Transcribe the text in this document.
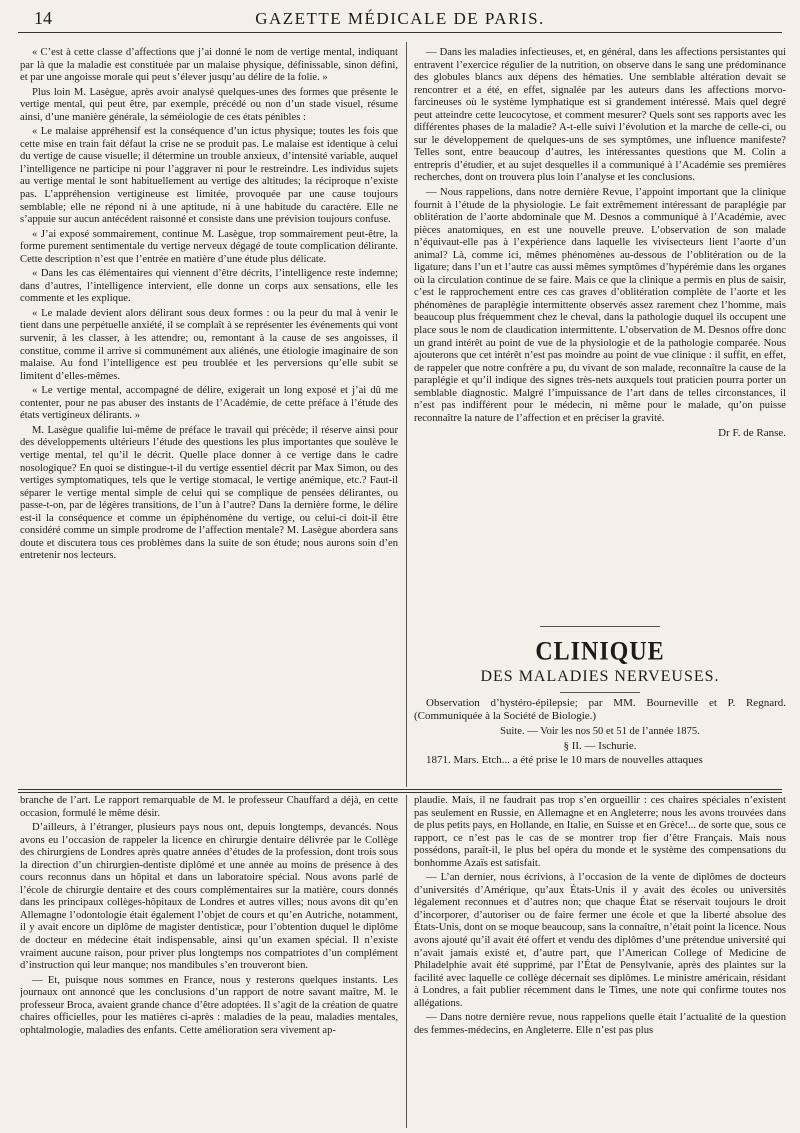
14	GAZETTE MÉDICALE DE PARIS.

« C’est à cette classe d’affections que j’ai donné le nom de vertige mental, indiquant par là que la maladie est constituée par un malaise physique, définissable, sinon défini, et par une angoisse morale qui peut s’élever jusqu’au délire de la folie. »

Plus loin M. Lasègue, après avoir analysé quelques-unes des formes que présente le vertige mental, qui peut être, par exemple, précédé ou non d’un stade visuel, résume ainsi, d’une manière générale, la séméiologie de ces états pénibles :

« Le malaise appréhensif est la conséquence d’un ictus physique; toutes les fois que cette mise en train fait défaut la crise ne se produit pas. Le malaise est identique à celui du vertige de cause visuelle; il détermine un trouble anxieux, d’intensité variable, auquel l’intelligence ne participe ni pour l’aggraver ni pour le restreindre. Les individus sujets au vertige mental le sont habituellement au vertige des altitudes; la réciproque n’existe pas. L’appréhension vertigineuse est limitée, provoquée par une cause toujours semblable; elle ne répond ni à une aptitude, ni à une habitude du caractère. Elle ne s’appuie sur aucun antécédent raisonné et consiste dans une prévision toujours confuse.

« J’ai exposé sommairement, continue M. Lasègue, trop sommairement peut-être, la forme purement sentimentale du vertige nerveux dégagé de toute complication délirante. Cette description n’est que l’entrée en matière d’une étude plus délicate.

« Dans les cas élémentaires qui viennent d’être décrits, l’intelligence reste indemne; dans d’autres, l’intelligence intervient, elle donne un corps aux sensations, elle les commente et les explique.

« Le malade devient alors délirant sous deux formes : ou la peur du mal à venir le tient dans une perpétuelle anxiété, il se complaît à se représenter les événements qui vont survenir, à les classer, à les attendre; ou, remontant à la cause de ses angoisses, il constitue, comme il arrive si communément aux aliénés, une étiologie imaginaire de son malaise. Au fond l’intelligence est peu troublée et les perversions qu’elle subit se limitent d’elles-mêmes.

« Le vertige mental, accompagné de délire, exigerait un long exposé et j’ai dû me contenter, pour ne pas abuser des instants de l’Académie, de cette préface à l’étude des états vertigineux délirants. »

M. Lasègue qualifie lui-même de préface le travail qui précède; il réserve ainsi pour des développements ultérieurs l’étude des questions les plus importantes que soulève le vertige mental, tel qu’il le décrit. Quelle place donner à ce vertige dans le cadre nosologique? En quoi se distingue-t-il du vertige essentiel décrit par Max Simon, ou des vertiges symptomatiques, tels que le vertige stomacal, le vertige anémique, etc.? Faut-il séparer le vertige mental simple de celui qui se complique de pensées délirantes, ou passe-t-on, par de légères transitions, de l’un à l’autre? Dans la dernière forme, le délire est-il la conséquence et comme un épiphénomène du vertige, ou celui-ci doit-il être considéré comme un simple prodrome de l’affection mentale? M. Lasègue abordera sans doute et discutera tous ces problèmes dans la suite de son étude; nous aurons soin d’en entretenir nos lecteurs.

— Dans les maladies infectieuses, et, en général, dans les affections persistantes qui entravent l’exercice régulier de la nutrition, on observe dans le sang une prédominance des globules blancs aux dépens des hématies. Une semblable altération devait se rencontrer et a été, en effet, signalée par les auteurs dans les affections morvo-farcineuses où le système lymphatique est si grandement intéressé. Mais quel degré peut atteindre cette leucocytose, et comment mesurer? Quels sont ses rapports avec les différentes phases de la maladie? A-t-elle suivi l’évolution et la marche de celle-ci, ou sur le développement de quelques-uns de ses symptômes, une influence manifeste? Telles sont, entre beaucoup d’autres, les intéressantes questions que M. Colin a entrepris d’étudier, et au sujet desquelles il a communiqué à l’Académie ses premières recherches, dont on trouvera plus loin l’analyse et les conclusions.

— Nous rappelions, dans notre dernière Revue, l’appoint important que la clinique fournit à l’étude de la physiologie. Le fait extrêmement intéressant de paraplégie par oblitération de l’aorte abdominale que M. Desnos a communiqué à l’Académie, avec pièces anatomiques, en est une nouvelle preuve. L’observation de son malade n’équivaut-elle pas à l’expérience dans laquelle les vivisecteurs lient l’aorte d’un animal? Là, comme ici, mêmes phénomènes au-dessous de l’oblitération ou de la ligature; dans l’un et l’autre cas aussi mêmes symptômes d’hypérémie dans les organes où la circulation continue de se faire. Mais ce que la clinique a permis en plus de saisir, c’est le rapprochement entre ces cas graves d’oblitération complète de l’aorte et les phénomènes de paraplégie intermittente observés assez rarement chez l’homme, mais beaucoup plus fréquemment chez le cheval, dans la pathologie duquel ils occupent une place sous le nom de claudication intermittente. L’observation de M. Desnos offre donc un grand intérêt au point de vue de la physiologie et de la pathologie comparée. Nous ajouterons que cet intérêt n’est pas moindre au point de vue clinique : il suffit, en effet, de rappeler que notre confrère a pu, du vivant de son malade, reconnaître la cause de la paraplégie et qu’il indique des signes très-nets auxquels tout praticien pourra porter un semblable diagnostic. Malgré l’impuissance de l’art dans de telles circonstances, il n’est pas indifférent pour le médecin, ni même pour le malade, qu’on puisse reconnaître la nature de l’affection et en préciser la gravité.

Dr F. de Ranse.

CLINIQUE
DES MALADIES NERVEUSES.

Observation d’hystéro-épilepsie; par MM. Bourneville et P. Regnard. (Communiquée à la Société de Biologie.)

Suite. — Voir les nos 50 et 51 de l’année 1875.

§ II. — Ischurie.

1871. Mars. Etch... a été prise le 10 mars de nouvelles attaques

branche de l’art. Le rapport remarquable de M. le professeur Chauffard a déjà, en cette occasion, formulé le même désir.

D’ailleurs, à l’étranger, plusieurs pays nous ont, depuis longtemps, devancés. Nous avons eu l’occasion de rappeler la licence en chirurgie dentaire délivrée par le Collège des chirurgiens de Londres après quatre années d’études de la profession, dont trois sous la direction d’un chirurgien-dentiste diplômé et une année au moins de présence à des cours reconnus dans un hôpital et dans un laboratoire spécial. Nous avons parlé de l’école de chirurgie dentaire et des cours complémentaires sur la matière, cours donnés dans les principaux collèges-hôpitaux de Londres et autres villes; nous avons dit qu’en Allemagne l’odontologie était également l’objet de cours et qu’en Autriche, notamment, il y avait encore un diplôme de magister dentisticæ, pour l’obtention duquel le diplôme de docteur en médecine était indispensable, ainsi qu’un examen spécial. Il n’existe vraiment aucune raison, pour priver plus longtemps nos compatriotes d’un complément d’instruction qui leur manque; nos mandibules s’en trouveront bien.

— Et, puisque nous sommes en France, nous y resterons quelques instants. Les journaux ont annoncé que les conclusions d’un rapport de notre savant maître, M. le professeur Broca, avaient grande chance d’être adoptées. Il s’agit de la création de quatre chaires officielles, pour les matières ci-après : maladies de la peau, maladies mentales, ophtalmologie, maladies des enfants. Cette amélioration sera vivement ap-

plaudie. Mais, il ne faudrait pas trop s’en orgueillir : ces chaires spéciales n’existent pas seulement en Russie, en Allemagne et en Angleterre; nous les avons trouvées dans de plus petits pays, en Hollande, en Italie, en Suisse et en Grèce!... de sorte que, sous ce rapport, ce n’est pas le cas de se montrer trop fier d’être Français. Mais nous possédons, paraît-il, le plus bel opéra du monde et le système des compensations du bonhomme Azaïs est satisfait.

— L’an dernier, nous écrivions, à l’occasion de la vente de diplômes de docteurs d’universités d’Amérique, qu’aux États-Unis il y avait des écoles ou universités légalement reconnues et d’autres non; que chaque État se réservait toujours le droit d’incorporer, d’autoriser ou de faire fermer une école et que la liberté absolue des États-Unis, dont on se moque beaucoup, sans la connaître, n’était point la licence. Nous avons ajouté qu’il avait été offert et vendu des diplômes d’une prétendue université qui n’avait jamais existé et, d’autre part, que l’American College of Medicine de Philadelphie avait été supprimé, par l’État de Pensylvanie, après des plaintes sur la facilité avec laquelle ce collège décernait ses diplômes. Le ministre américain, résidant à Londres, a fait publier récemment dans le Times, une note qui confirme toutes nos allégations.

— Dans notre dernière revue, nous rappelions quelle était l’actualité de la question des femmes-médecins, en Angleterre. Elle n’est pas plus
